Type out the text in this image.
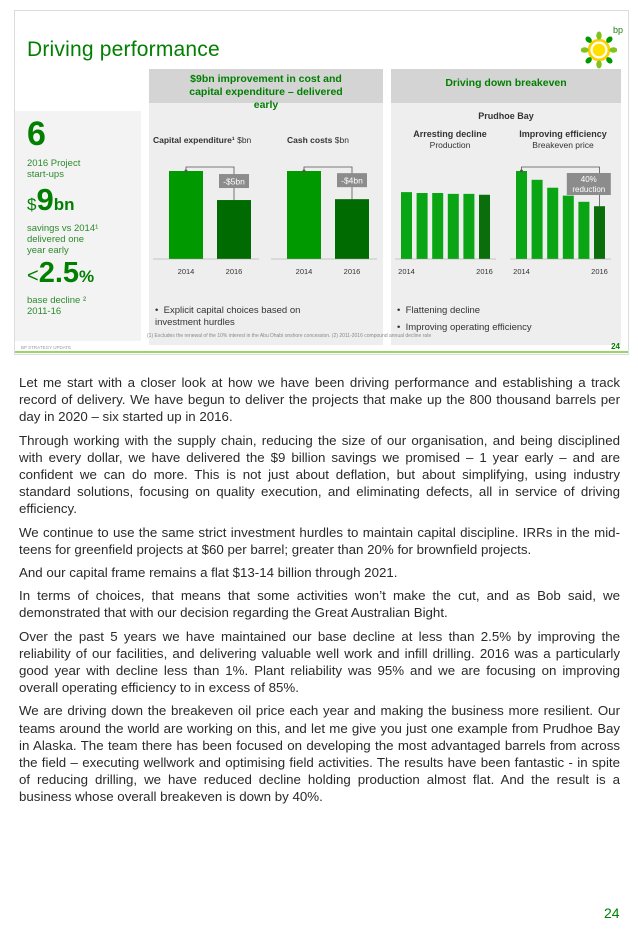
Driving performance
bp
6
2016 Project start-ups
$9bn
savings vs 2014¹ delivered one year early
<2.5%
base decline ² 2011-16
$9bn improvement in cost and capital expenditure – delivered early
Capital expenditure¹ $bn	Cash costs $bn
2014	2016
-$5bn
2014	2016
-$4bn
•  Explicit capital choices based on investment hurdles
Driving down breakeven
Prudhoe Bay
Arresting decline
Production
Improving efficiency
Breakeven price
2014	2016	2014	2016
40%
reduction
•  Flattening decline
•  Improving operating efficiency
(1) Excludes the renewal of the 10% interest in the Abu Dhabi onshore concession. (2) 2011-2016 compound annual decline rate
BP STRATEGY UPDATE	24

Let me start with a closer look at how we have been driving performance and establishing a track record of delivery. We have begun to deliver the projects that make up the 800 thousand barrels per day in 2020 – six started up in 2016.

Through working with the supply chain, reducing the size of our organisation, and being disciplined with every dollar, we have delivered the $9 billion savings we promised – 1 year early – and are confident we can do more. This is not just about deflation, but about simplifying, using industry standard solutions, focusing on quality execution, and eliminating defects, all in service of driving efficiency.

We continue to use the same strict investment hurdles to maintain capital discipline. IRRs in the mid-teens for greenfield projects at $60 per barrel; greater than 20% for brownfield projects.

And our capital frame remains a flat $13-14 billion through 2021.

In terms of choices, that means that some activities won’t make the cut, and as Bob said, we demonstrated that with our decision regarding the Great Australian Bight.

Over the past 5 years we have maintained our base decline at less than 2.5% by improving the reliability of our facilities, and delivering valuable well work and infill drilling. 2016 was a particularly good year with decline less than 1%. Plant reliability was 95% and we are focusing on improving overall operating efficiency to in excess of 85%.

We are driving down the breakeven oil price each year and making the business more resilient. Our teams around the world are working on this, and let me give you just one example from Prudhoe Bay in Alaska. The team there has been focused on developing the most advantaged barrels from across the field – executing wellwork and optimising field activities. The results have been fantastic - in spite of reducing drilling, we have reduced decline holding production almost flat. And the result is a business whose overall breakeven is down by 40%.

24
